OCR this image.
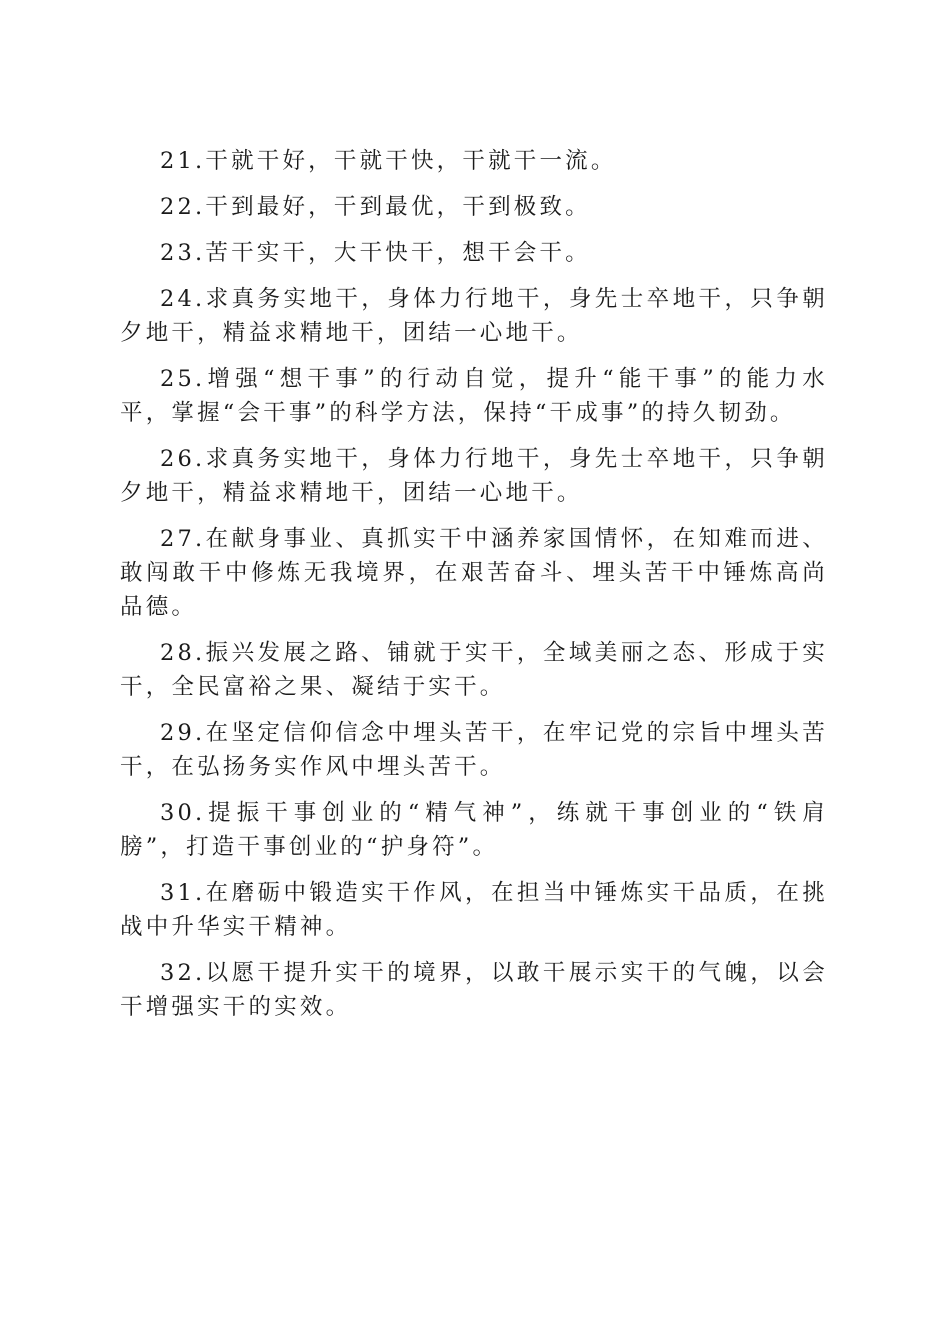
21.干就干好，干就干快，干就干一流。

22.干到最好，干到最优，干到极致。

23.苦干实干，大干快干，想干会干。

24.求真务实地干，身体力行地干，身先士卒地干，只争朝夕地干，精益求精地干，团结一心地干。

25.增强“想干事”的行动自觉，提升“能干事”的能力水平，掌握“会干事”的科学方法，保持“干成事”的持久韧劲。

26.求真务实地干，身体力行地干，身先士卒地干，只争朝夕地干，精益求精地干，团结一心地干。

27.在献身事业、真抓实干中涵养家国情怀，在知难而进、敢闯敢干中修炼无我境界，在艰苦奋斗、埋头苦干中锤炼高尚品德。

28.振兴发展之路、铺就于实干，全域美丽之态、形成于实干，全民富裕之果、凝结于实干。

29.在坚定信仰信念中埋头苦干，在牢记党的宗旨中埋头苦干，在弘扬务实作风中埋头苦干。

30.提振干事创业的“精气神”，练就干事创业的“铁肩膀”，打造干事创业的“护身符”。

31.在磨砺中锻造实干作风，在担当中锤炼实干品质，在挑战中升华实干精神。

32.以愿干提升实干的境界，以敢干展示实干的气魄，以会干增强实干的实效。
